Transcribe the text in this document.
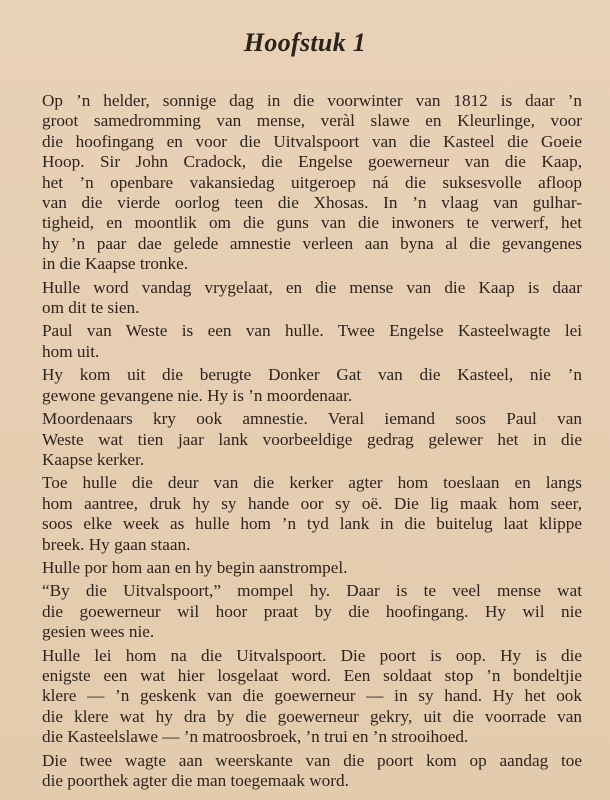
Hoofstuk 1

Op ’n helder, sonnige dag in die voorwinter van 1812 is daar ’n
groot samedromming van mense, veràl slawe en Kleurlinge, voor
die hoofingang en voor die Uitvalspoort van die Kasteel die Goeie
Hoop. Sir John Cradock, die Engelse goewerneur van die Kaap,
het ’n openbare vakansiedag uitgeroep ná die suksesvolle afloop
van die vierde oorlog teen die Xhosas. In ’n vlaag van gulhar-
tigheid, en moontlik om die guns van die inwoners te verwerf, het
hy ’n paar dae gelede amnestie verleen aan byna al die gevangenes
in die Kaapse tronke.

Hulle word vandag vrygelaat, en die mense van die Kaap is daar
om dit te sien.

Paul van Weste is een van hulle. Twee Engelse Kasteelwagte lei
hom uit.

Hy kom uit die berugte Donker Gat van die Kasteel, nie ’n
gewone gevangene nie. Hy is ’n moordenaar.

Moordenaars kry ook amnestie. Veral iemand soos Paul van
Weste wat tien jaar lank voorbeeldige gedrag gelewer het in die
Kaapse kerker.

Toe hulle die deur van die kerker agter hom toeslaan en langs
hom aantree, druk hy sy hande oor sy oë. Die lig maak hom seer,
soos elke week as hulle hom ’n tyd lank in die buitelug laat klippe
breek. Hy gaan staan.

Hulle por hom aan en hy begin aanstrompel.

“By die Uitvalspoort,” mompel hy. Daar is te veel mense wat
die goewerneur wil hoor praat by die hoofingang. Hy wil nie
gesien wees nie.

Hulle lei hom na die Uitvalspoort. Die poort is oop. Hy is die
enigste een wat hier losgelaat word. Een soldaat stop ’n bondeltjie
klere — ’n geskenk van die goewerneur — in sy hand. Hy het ook
die klere wat hy dra by die goewerneur gekry, uit die voorrade van
die Kasteelslawe — ’n matroosbroek, ’n trui en ’n strooihoed.

Die twee wagte aan weerskante van die poort kom op aandag toe
die poorthek agter die man toegemaak word.
